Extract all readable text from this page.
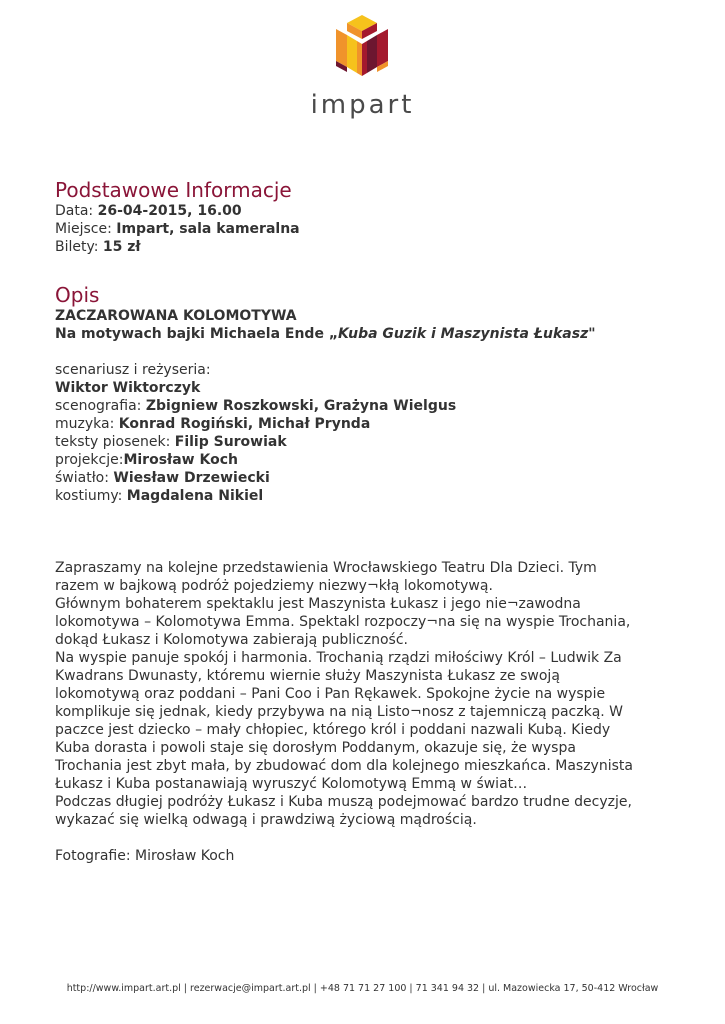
impart
Podstawowe Informacje
Data: 26-04-2015, 16.00
Miejsce: Impart, sala kameralna
Bilety: 15 zł
Opis
ZACZAROWANA KOLOMOTYWA
Na motywach bajki Michaela Ende „Kuba Guzik i Maszynista Łukasz"
scenariusz i reżyseria:
Wiktor Wiktorczyk
scenografia: Zbigniew Roszkowski, Grażyna Wielgus
muzyka: Konrad Rogiński, Michał Prynda
teksty piosenek: Filip Surowiak
projekcje:Mirosław Koch
światło: Wiesław Drzewiecki
kostiumy: Magdalena Nikiel
Zapraszamy na kolejne przedstawienia Wrocławskiego Teatru Dla Dzieci. Tym
razem w bajkową podróż pojedziemy niezwy¬kłą lokomotywą.
Głównym bohaterem spektaklu jest Maszynista Łukasz i jego nie¬zawodna
lokomotywa – Kolomotywa Emma. Spektakl rozpoczy¬na się na wyspie Trochania,
dokąd Łukasz i Kolomotywa zabierają publiczność.
Na wyspie panuje spokój i harmonia. Trochanią rządzi miłościwy Król – Ludwik Za
Kwadrans Dwunasty, któremu wiernie służy Maszynista Łukasz ze swoją
lokomotywą oraz poddani – Pani Coo i Pan Rękawek. Spokojne życie na wyspie
komplikuje się jednak, kiedy przybywa na nią Listo¬nosz z tajemniczą paczką. W
paczce jest dziecko – mały chłopiec, którego król i poddani nazwali Kubą. Kiedy
Kuba dorasta i powoli staje się dorosłym Poddanym, okazuje się, że wyspa
Trochania jest zbyt mała, by zbudować dom dla kolejnego mieszkańca. Maszynista
Łukasz i Kuba postanawiają wyruszyć Kolomotywą Emmą w świat…
Podczas długiej podróży Łukasz i Kuba muszą podejmować bardzo trudne decyzje,
wykazać się wielką odwagą i prawdziwą życiową mądrością.
Fotografie: Mirosław Koch
http://www.impart.art.pl | rezerwacje@impart.art.pl | +48 71 71 27 100 | 71 341 94 32 | ul. Mazowiecka 17, 50-412 Wrocław
